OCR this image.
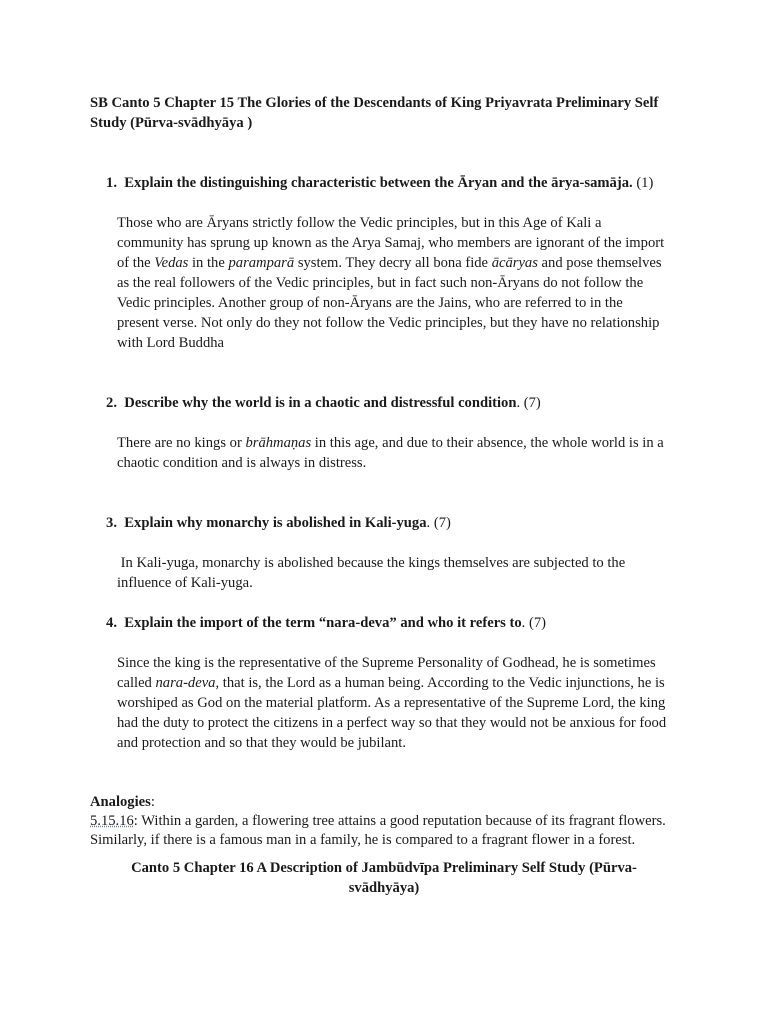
SB Canto 5 Chapter 15 The Glories of the Descendants of King Priyavrata Preliminary Self Study (Pūrva-svādhyāya )
1. Explain the distinguishing characteristic between the Āryan and the ārya-samāja. (1)
Those who are Āryans strictly follow the Vedic principles, but in this Age of Kali a community has sprung up known as the Arya Samaj, who members are ignorant of the import of the Vedas in the paramparā system. They decry all bona fide ācāryas and pose themselves as the real followers of the Vedic principles, but in fact such non-Āryans do not follow the Vedic principles. Another group of non-Āryans are the Jains, who are referred to in the present verse. Not only do they not follow the Vedic principles, but they have no relationship with Lord Buddha
2. Describe why the world is in a chaotic and distressful condition. (7)
There are no kings or brāhmaṇas in this age, and due to their absence, the whole world is in a chaotic condition and is always in distress.
3. Explain why monarchy is abolished in Kali-yuga. (7)
In Kali-yuga, monarchy is abolished because the kings themselves are subjected to the influence of Kali-yuga.
4. Explain the import of the term “nara-deva” and who it refers to. (7)
Since the king is the representative of the Supreme Personality of Godhead, he is sometimes called nara-deva, that is, the Lord as a human being. According to the Vedic injunctions, he is worshiped as God on the material platform. As a representative of the Supreme Lord, the king had the duty to protect the citizens in a perfect way so that they would not be anxious for food and protection and so that they would be jubilant.
Analogies:
5.15.16: Within a garden, a flowering tree attains a good reputation because of its fragrant flowers. Similarly, if there is a famous man in a family, he is compared to a fragrant flower in a forest.
Canto 5 Chapter 16 A Description of Jambūdvīpa Preliminary Self Study (Pūrva-svādhyāya)
